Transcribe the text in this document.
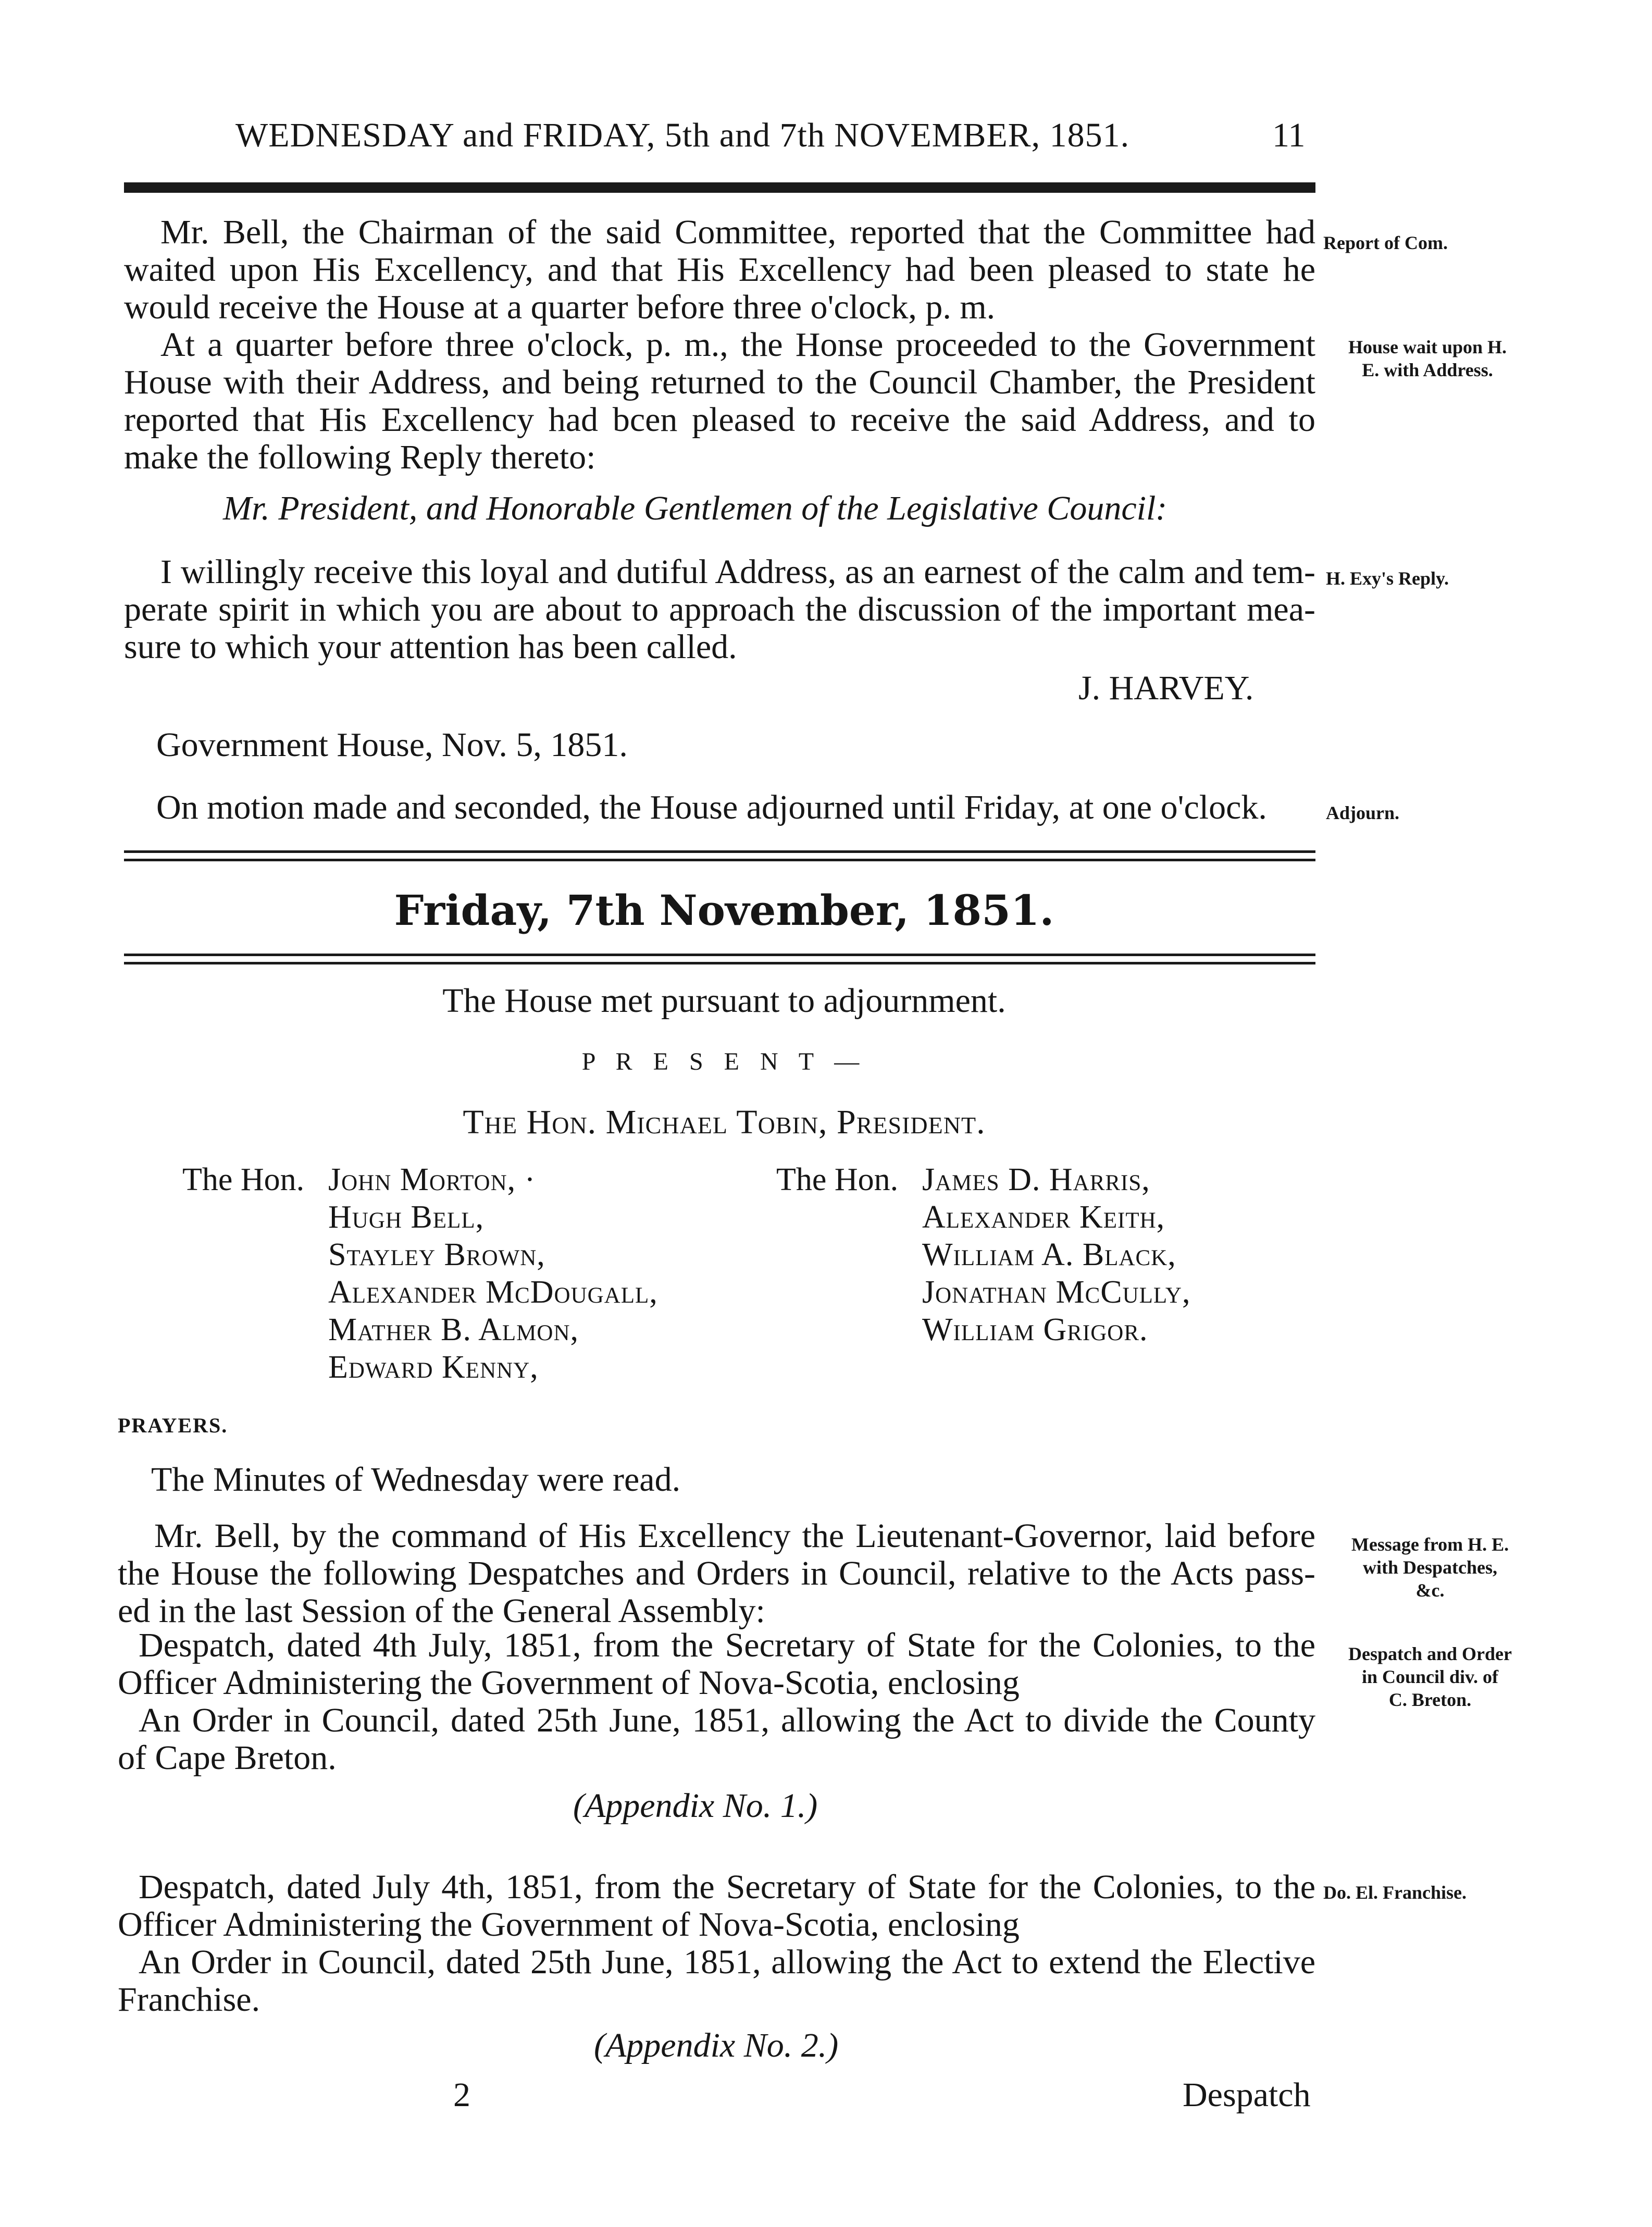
WEDNESDAY and FRIDAY, 5th and 7th NOVEMBER, 1851.	11
Mr. Bell, the Chairman of the said Committee, reported that the Committee had
waited upon His Excellency, and that His Excellency had been pleased to state he
would receive the House at a quarter before three o'clock, p. m.
Report of Com.
At a quarter before three o'clock, p. m., the Honse proceeded to the Government
House with their Address, and being returned to the Council Chamber, the President
reported that His Excellency had bcen pleased to receive the said Address, and to
make the following Reply thereto:
House wait upon H.
E. with Address.
Mr. President, and Honorable Gentlemen of the Legislative Council:
I willingly receive this loyal and dutiful Address, as an earnest of the calm and tem-
perate spirit in which you are about to approach the discussion of the important mea-
sure to which your attention has been called.
H. Exy's Reply.
J. HARVEY.
Government House, Nov. 5, 1851.
On motion made and seconded, the House adjourned until Friday, at one o'clock.	Adjourn.
Friday, 7th November, 1851.
The House met pursuant to adjournment.
P R E S E N T —
The Hon. Michael Tobin, President.
The Hon. John Morton, ·
Hugh Bell,
Stayley Brown,
Alexander McDougall,
Mather B. Almon,
Edward Kenny,
The Hon. James D. Harris,
Alexander Keith,
William A. Black,
Jonathan McCully,
William Grigor.
PRAYERS.
The Minutes of Wednesday were read.
Mr. Bell, by the command of His Excellency the Lieutenant-Governor, laid before
the House the following Despatches and Orders in Council, relative to the Acts pass-
ed in the last Session of the General Assembly:
Message from H. E.
with Despatches,
&c.
Despatch, dated 4th July, 1851, from the Secretary of State for the Colonies, to the
Officer Administering the Government of Nova-Scotia, enclosing
An Order in Council, dated 25th June, 1851, allowing the Act to divide the County
of Cape Breton.
Despatch and Order
in Council div. of
C. Breton.
(Appendix No. 1.)
Despatch, dated July 4th, 1851, from the Secretary of State for the Colonies, to the
Officer Administering the Government of Nova-Scotia, enclosing
An Order in Council, dated 25th June, 1851, allowing the Act to extend the Elective
Franchise.
Do. El. Franchise.
(Appendix No. 2.)
2	Despatch
